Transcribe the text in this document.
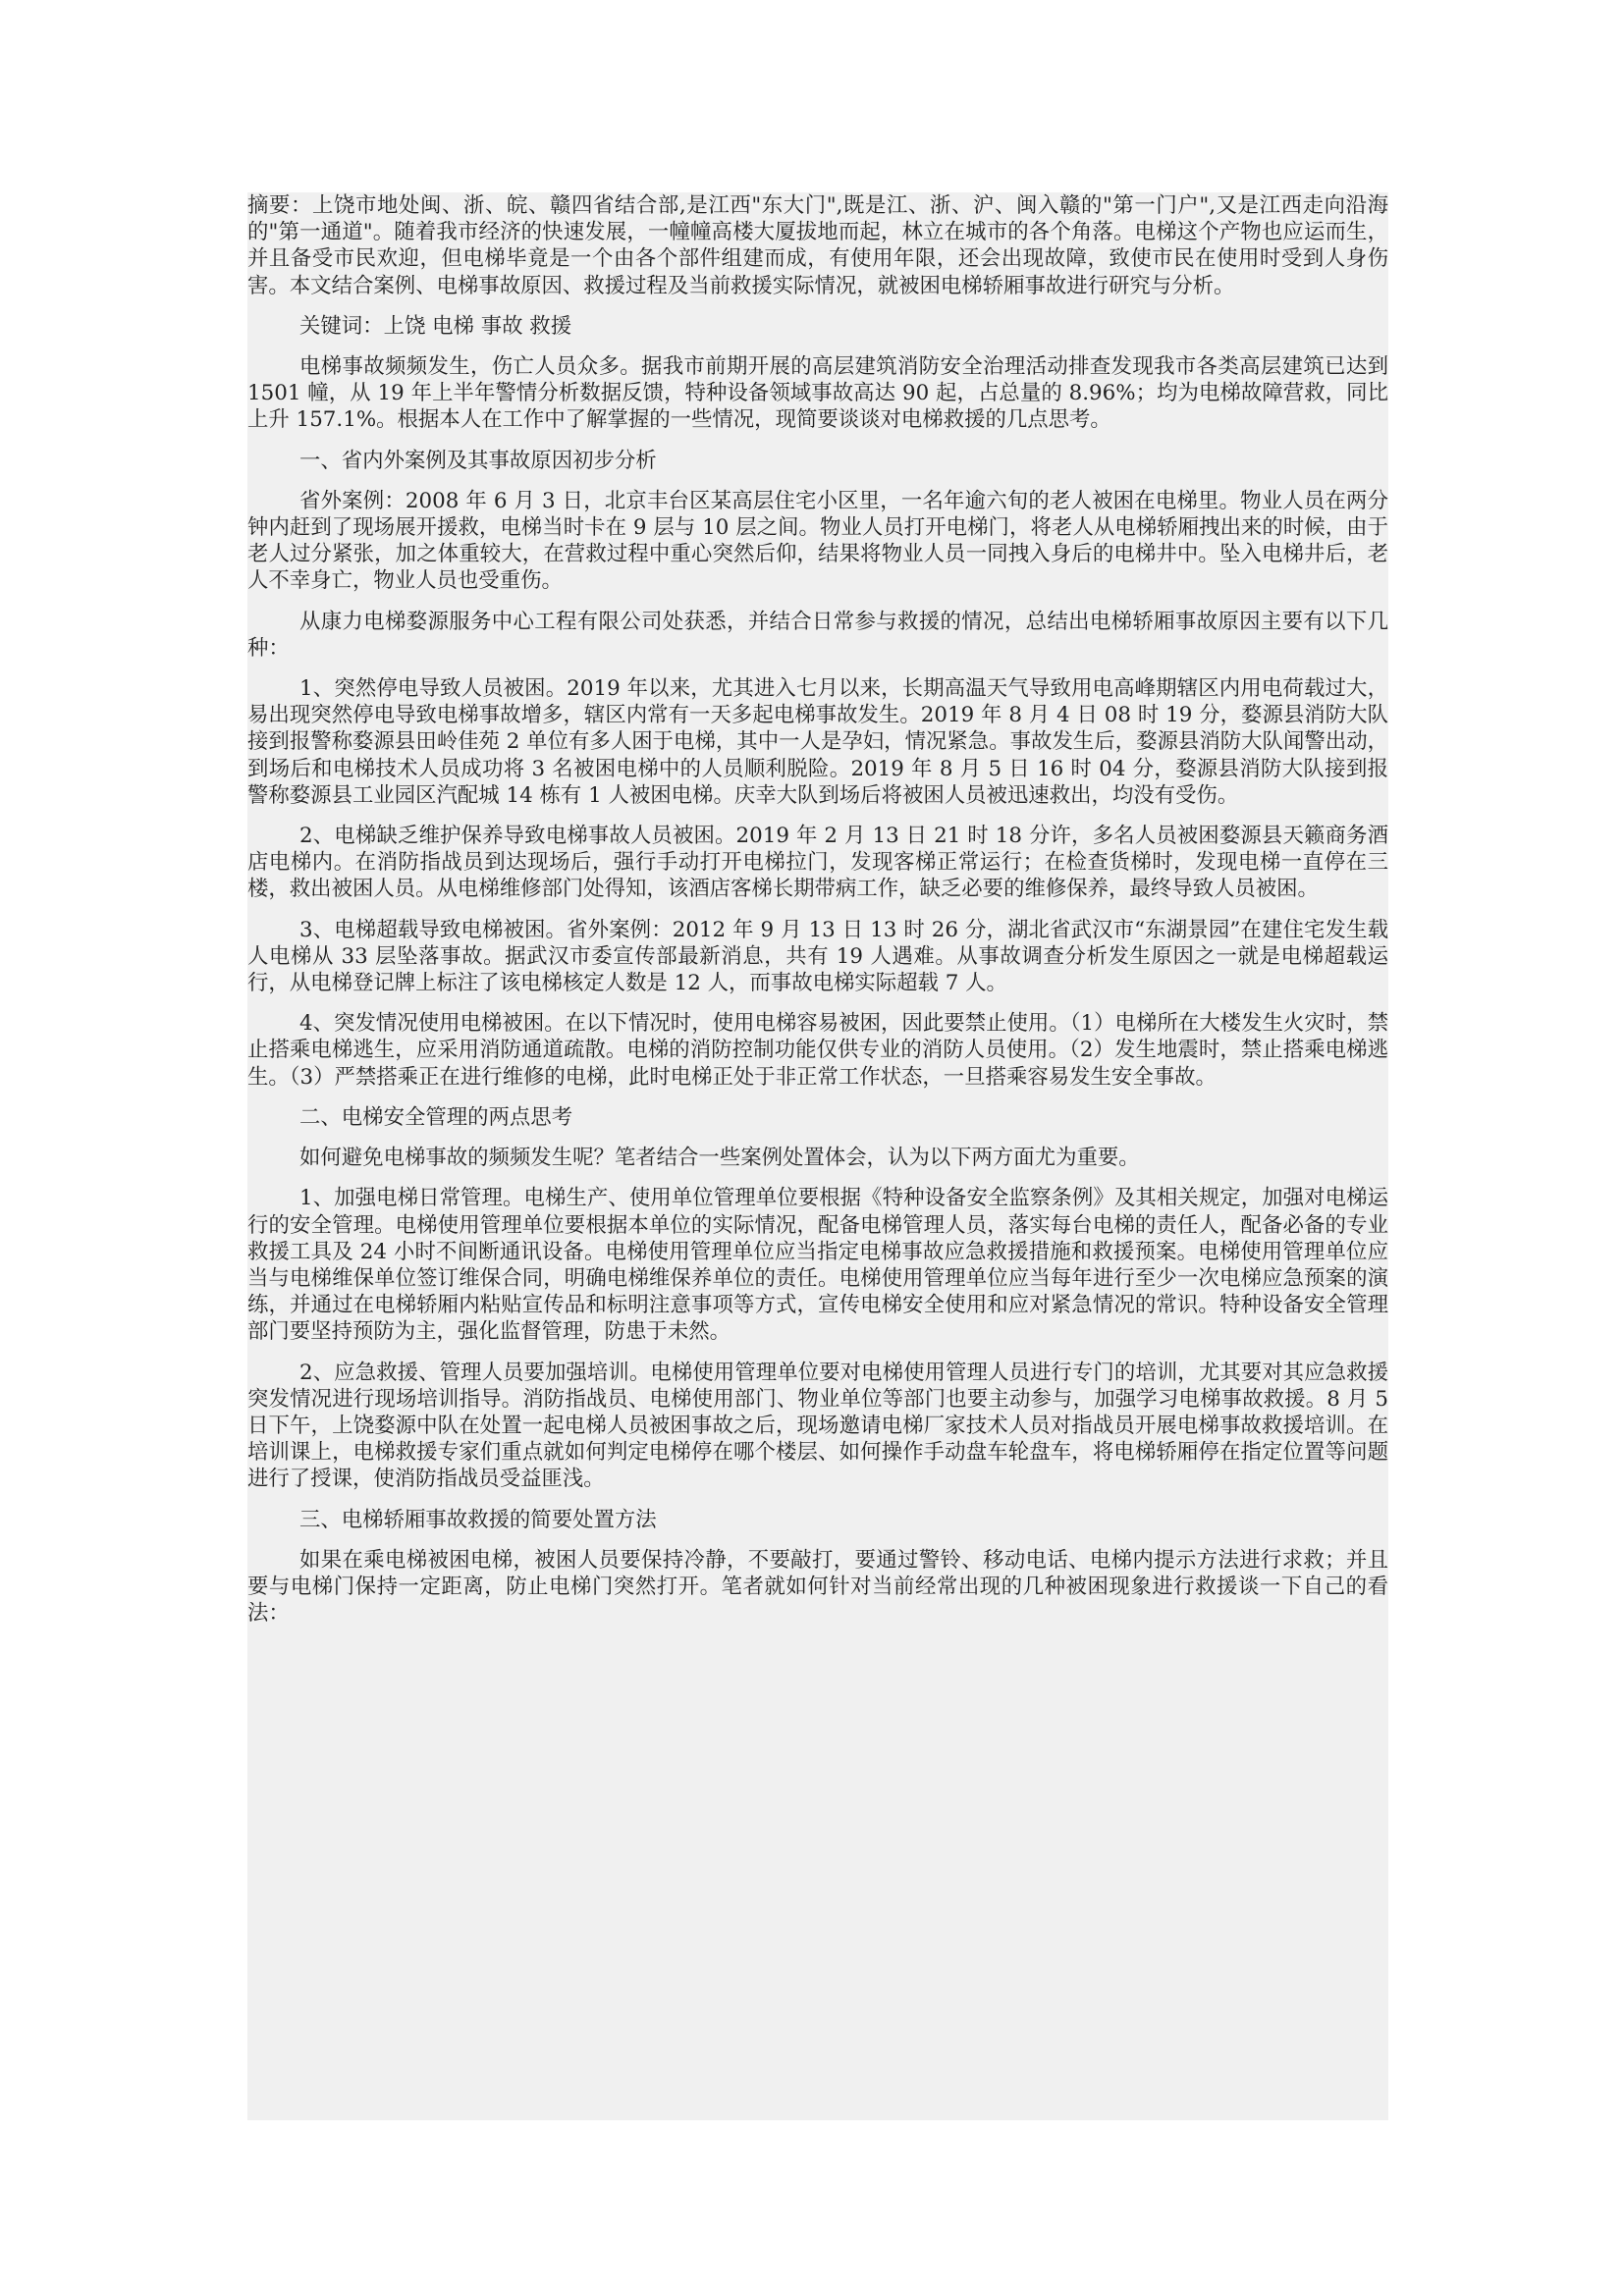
摘要：上饶市地处闽、浙、皖、赣四省结合部,是江西"东大门",既是江、浙、沪、闽入赣的"第一门户",又是江西走向沿海的"第一通道"。随着我市经济的快速发展，一幢幢高楼大厦拔地而起，林立在城市的各个角落。电梯这个产物也应运而生，并且备受市民欢迎，但电梯毕竟是一个由各个部件组建而成，有使用年限，还会出现故障，致使市民在使用时受到人身伤害。本文结合案例、电梯事故原因、救援过程及当前救援实际情况，就被困电梯轿厢事故进行研究与分析。

关键词：上饶 电梯 事故 救援

电梯事故频频发生，伤亡人员众多。据我市前期开展的高层建筑消防安全治理活动排查发现我市各类高层建筑已达到 1501 幢，从 19 年上半年警情分析数据反馈，特种设备领域事故高达 90 起，占总量的 8.96%；均为电梯故障营救，同比上升 157.1%。根据本人在工作中了解掌握的一些情况，现简要谈谈对电梯救援的几点思考。

一、省内外案例及其事故原因初步分析

省外案例：2008 年 6 月 3 日，北京丰台区某高层住宅小区里，一名年逾六旬的老人被困在电梯里。物业人员在两分钟内赶到了现场展开援救，电梯当时卡在 9 层与 10 层之间。物业人员打开电梯门，将老人从电梯轿厢拽出来的时候，由于老人过分紧张，加之体重较大，在营救过程中重心突然后仰，结果将物业人员一同拽入身后的电梯井中。坠入电梯井后，老人不幸身亡，物业人员也受重伤。

从康力电梯婺源服务中心工程有限公司处获悉，并结合日常参与救援的情况，总结出电梯轿厢事故原因主要有以下几种：

1、突然停电导致人员被困。2019 年以来，尤其进入七月以来，长期高温天气导致用电高峰期辖区内用电荷载过大，易出现突然停电导致电梯事故增多，辖区内常有一天多起电梯事故发生。2019 年 8 月 4 日 08 时 19 分，婺源县消防大队接到报警称婺源县田岭佳苑 2 单位有多人困于电梯，其中一人是孕妇，情况紧急。事故发生后，婺源县消防大队闻警出动，到场后和电梯技术人员成功将 3 名被困电梯中的人员顺利脱险。2019 年 8 月 5 日 16 时 04 分，婺源县消防大队接到报警称婺源县工业园区汽配城 14 栋有 1 人被困电梯。庆幸大队到场后将被困人员被迅速救出，均没有受伤。

2、电梯缺乏维护保养导致电梯事故人员被困。2019 年 2 月 13 日 21 时 18 分许，多名人员被困婺源县天籁商务酒店电梯内。在消防指战员到达现场后，强行手动打开电梯拉门，发现客梯正常运行；在检查货梯时，发现电梯一直停在三楼，救出被困人员。从电梯维修部门处得知，该酒店客梯长期带病工作，缺乏必要的维修保养，最终导致人员被困。

3、电梯超载导致电梯被困。省外案例：2012 年 9 月 13 日 13 时 26 分，湖北省武汉市“东湖景园”在建住宅发生载人电梯从 33 层坠落事故。据武汉市委宣传部最新消息，共有 19 人遇难。从事故调查分析发生原因之一就是电梯超载运行，从电梯登记牌上标注了该电梯核定人数是 12 人，而事故电梯实际超载 7 人。

4、突发情况使用电梯被困。在以下情况时，使用电梯容易被困，因此要禁止使用。（1）电梯所在大楼发生火灾时，禁止搭乘电梯逃生，应采用消防通道疏散。电梯的消防控制功能仅供专业的消防人员使用。（2）发生地震时，禁止搭乘电梯逃生。（3）严禁搭乘正在进行维修的电梯，此时电梯正处于非正常工作状态，一旦搭乘容易发生安全事故。

二、电梯安全管理的两点思考

如何避免电梯事故的频频发生呢？笔者结合一些案例处置体会，认为以下两方面尤为重要。

1、加强电梯日常管理。电梯生产、使用单位管理单位要根据《特种设备安全监察条例》及其相关规定，加强对电梯运行的安全管理。电梯使用管理单位要根据本单位的实际情况，配备电梯管理人员，落实每台电梯的责任人，配备必备的专业救援工具及 24 小时不间断通讯设备。电梯使用管理单位应当指定电梯事故应急救援措施和救援预案。电梯使用管理单位应当与电梯维保单位签订维保合同，明确电梯维保养单位的责任。电梯使用管理单位应当每年进行至少一次电梯应急预案的演练，并通过在电梯轿厢内粘贴宣传品和标明注意事项等方式，宣传电梯安全使用和应对紧急情况的常识。特种设备安全管理部门要坚持预防为主，强化监督管理，防患于未然。

2、应急救援、管理人员要加强培训。电梯使用管理单位要对电梯使用管理人员进行专门的培训，尤其要对其应急救援突发情况进行现场培训指导。消防指战员、电梯使用部门、物业单位等部门也要主动参与，加强学习电梯事故救援。8 月 5 日下午，上饶婺源中队在处置一起电梯人员被困事故之后，现场邀请电梯厂家技术人员对指战员开展电梯事故救援培训。在培训课上，电梯救援专家们重点就如何判定电梯停在哪个楼层、如何操作手动盘车轮盘车，将电梯轿厢停在指定位置等问题进行了授课，使消防指战员受益匪浅。

三、电梯轿厢事故救援的简要处置方法

如果在乘电梯被困电梯，被困人员要保持冷静，不要敲打，要通过警铃、移动电话、电梯内提示方法进行求救；并且要与电梯门保持一定距离，防止电梯门突然打开。笔者就如何针对当前经常出现的几种被困现象进行救援谈一下自己的看法：
